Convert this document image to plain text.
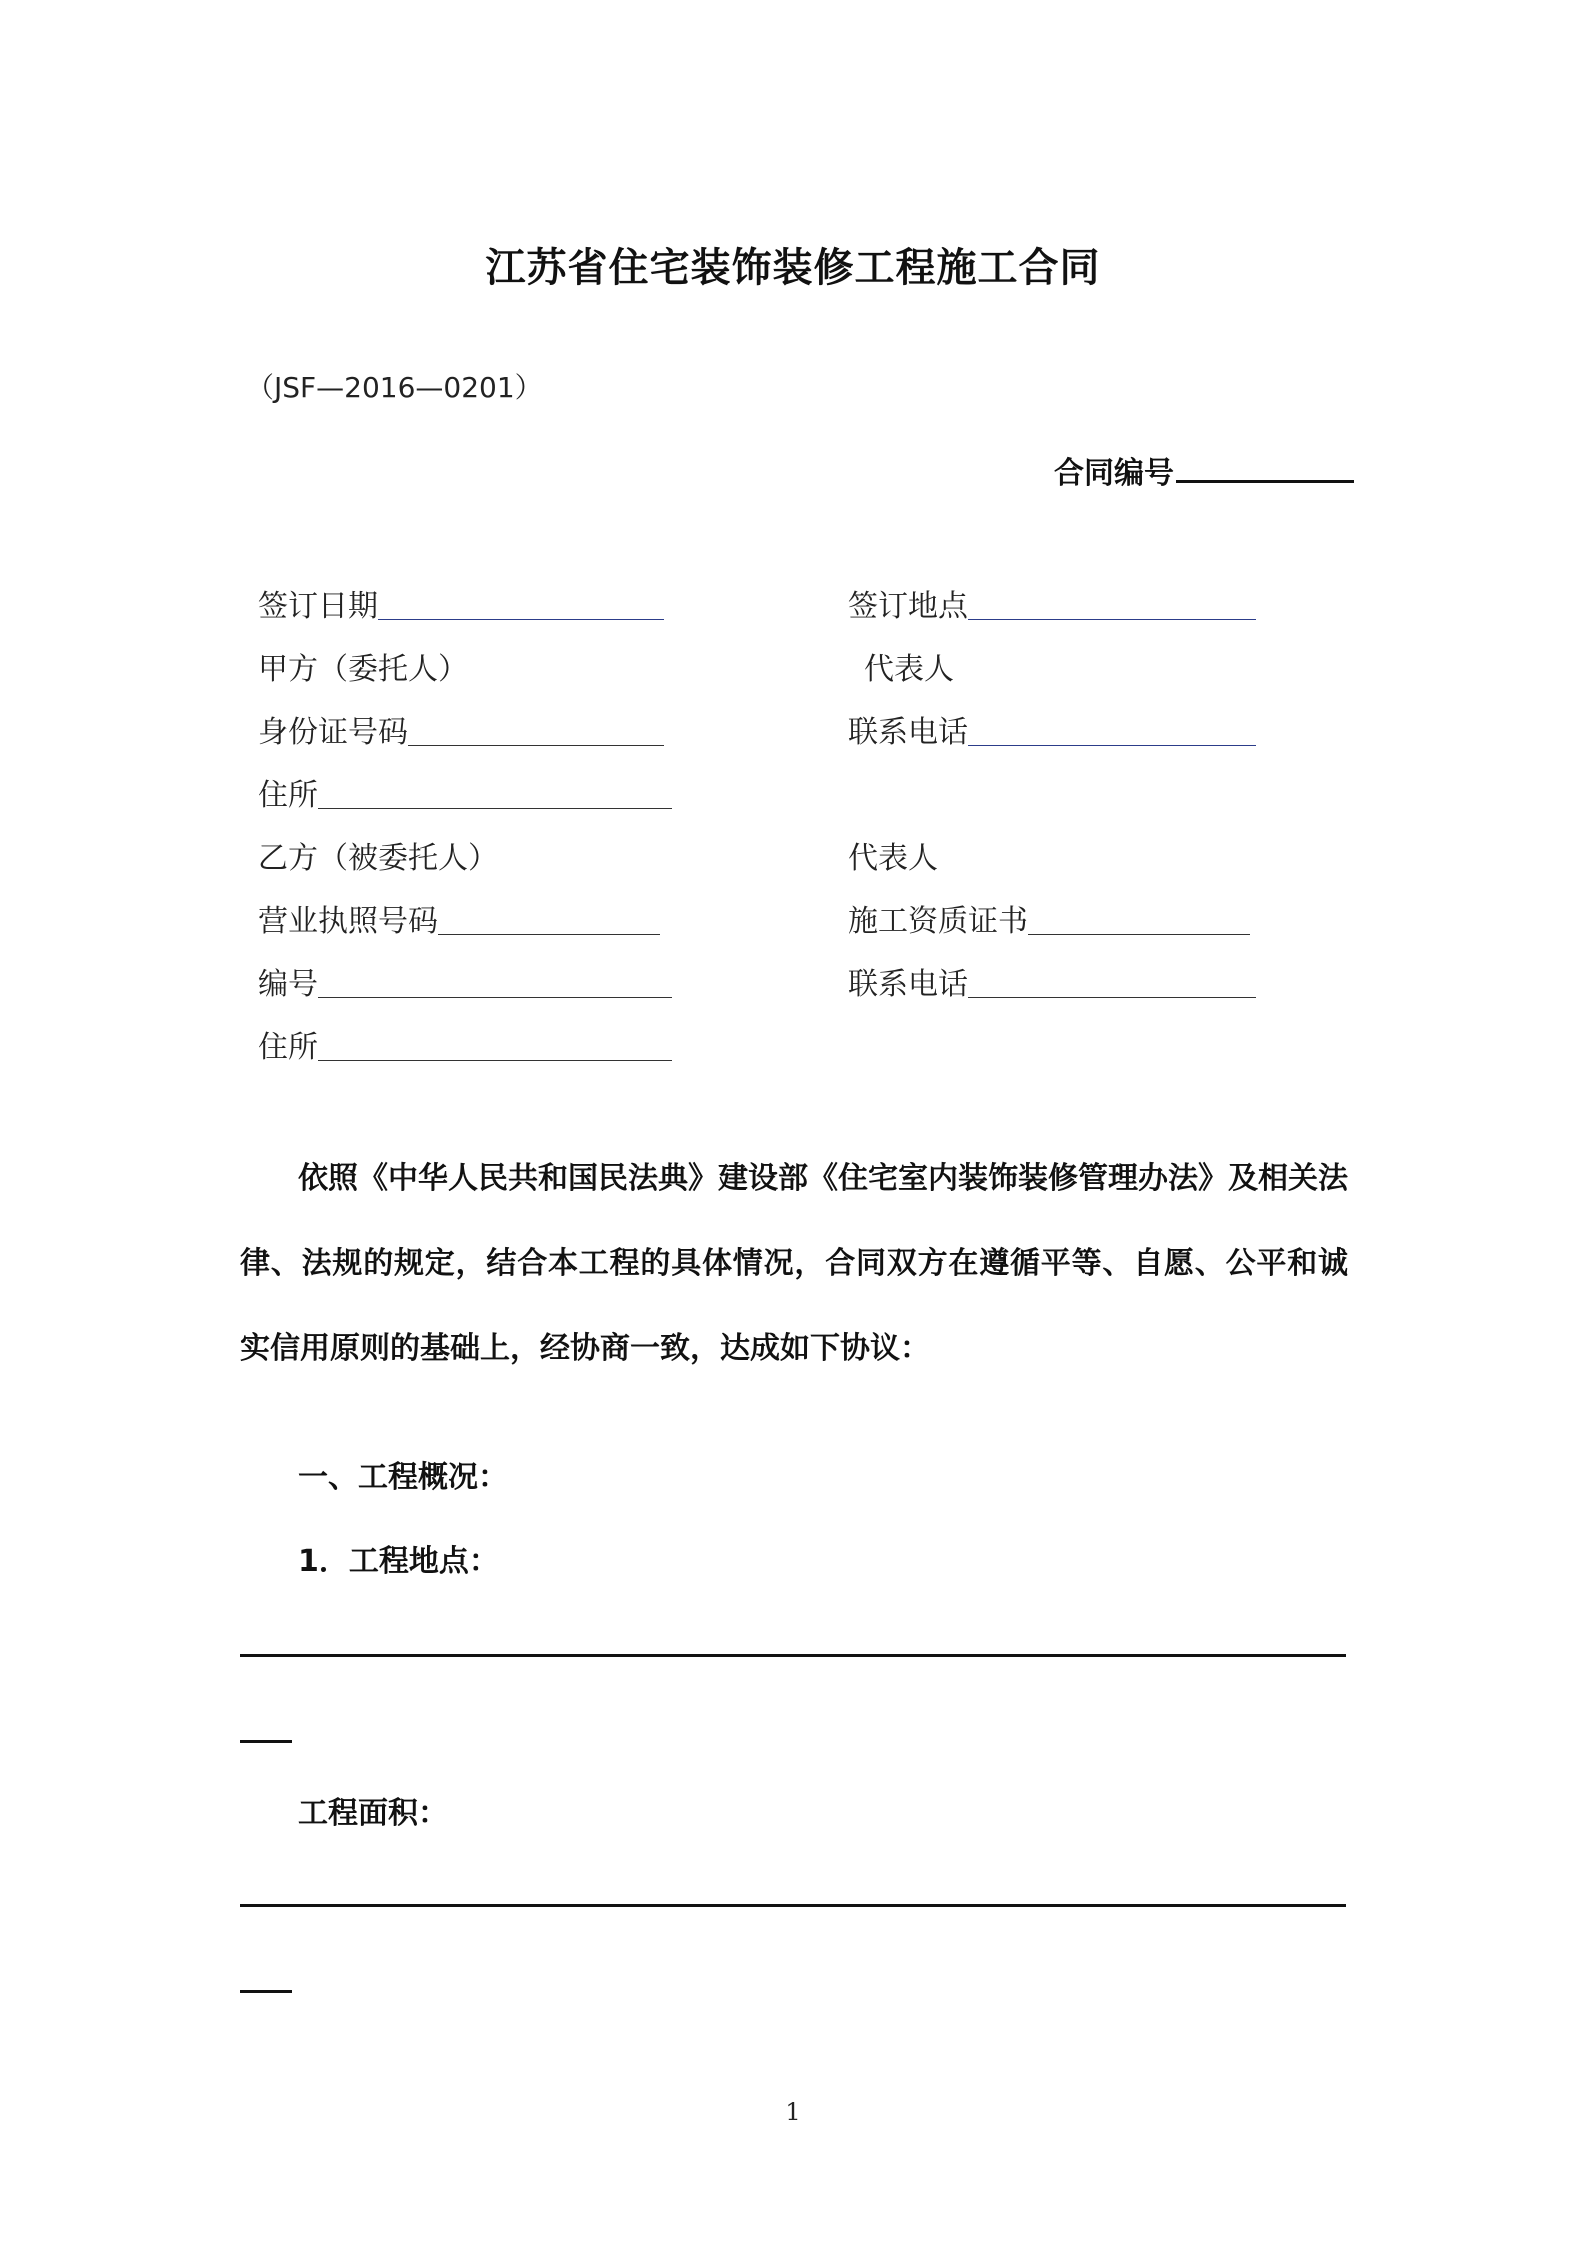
江苏省住宅装饰装修工程施工合同
（JSF—2016—0201）
合同编号
签订日期
甲方（委托人）
身份证号码
住所
乙方（被委托人）
营业执照号码
编号
住所
签订地点
代表人
联系电话
代表人
施工资质证书
联系电话
依照《中华人民共和国民法典》建设部《住宅室内装饰装修管理办法》及相关法律、法规的规定，结合本工程的具体情况，合同双方在遵循平等、自愿、公平和诚实信用原则的基础上，经协商一致，达成如下协议：
一、工程概况：
1．工程地点：
工程面积：
1
